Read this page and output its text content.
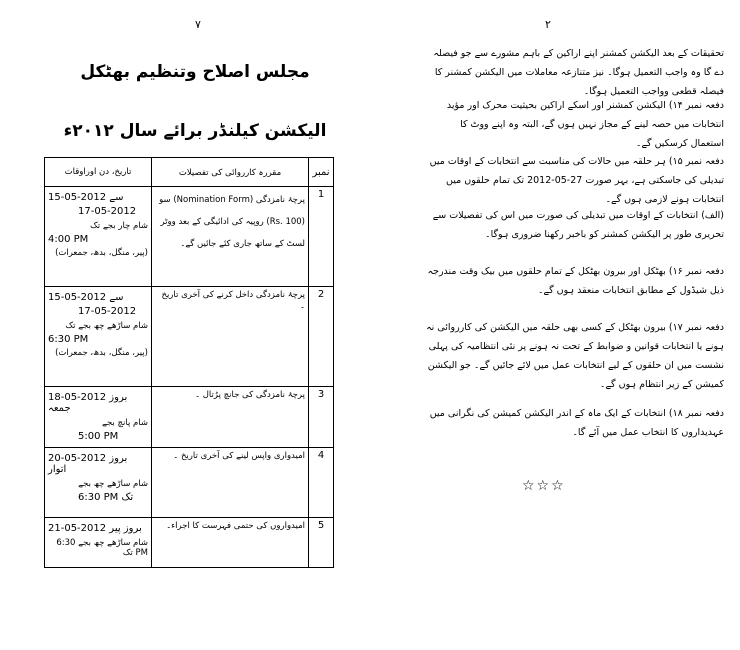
۷
مجلس اصلاح وتنظیم بھٹکل
الیکشن کیلنڈر برائے سال ۲۰۱۲ء
تاریخ، دن اوراوقات	مقررہ کارروائی کی تفصیلات	نمبر

15-05-2012 سے
17-05-2012
شام چار بجے تک
4:00 PM
(پیر، منگل، بدھ، جمعرات)	پرچۂ نامزدگی (Nomination Form) سو (Rs. 100) روپیہ کی ادائیگی کے بعد ووٹر لسٹ کے ساتھ جاری کئے جائیں گے۔	1

15-05-2012 سے
17-05-2012
شام ساڑھے چھ بجے تک
6:30 PM
(پیر، منگل، بدھ، جمعرات)	پرچۂ نامزدگی داخل کرنے کی آخری تاریخ ۔	2

18-05-2012 بروز جمعہ
شام پانچ بجے
5:00 PM	پرچۂ نامزدگی کی جانچ پڑتال ۔	3

20-05-2012 بروز اتوار
شام ساڑھے چھ بجے
6:30 PM تک	امیدواری واپس لینے کی آخری تاریخ ۔	4

21-05-2012 بروز پیر
شام ساڑھے چھ بجے 6:30 PM تک	امیدواروں کی حتمی فہرست کا اجراء۔	5
۲
تحقیقات کے بعد الیکشن کمشنر اپنے اراکین کے باہم مشورے سے جو فیصلہ دے گا وہ واجب التعمیل ہوگا۔ نیز متنازعہ معاملات میں الیکشن کمشنر کا فیصلہ قطعی وواجب التعمیل ہوگا۔
دفعہ نمبر ۱۴) الیکشن کمشنر اور اسکے اراکین بحیثیت محرک اور مؤید انتخابات میں حصہ لینے کے مجاز نہیں ہوں گے، البتہ وہ اپنے ووٹ کا استعمال کرسکیں گے۔
دفعہ نمبر ۱۵) ہر حلقہ میں حالات کی مناسبت سے انتخابات کے اوقات میں تبدیلی کی جاسکتی ہے، بہر صورت 27-05-2012 تک تمام حلقوں میں انتخابات ہونے لازمی ہوں گے۔
(الف) انتخابات کے اوقات میں تبدیلی کی صورت میں اس کی تفصیلات سے تحریری طور پر الیکشن کمشنر کو باخبر رکھنا ضروری ہوگا۔
دفعہ نمبر ۱۶) بھٹکل اور بیرون بھٹکل کے تمام حلقوں میں بیک وقت مندرجہ ذیل شیڈول کے مطابق انتخابات منعقد ہوں گے۔
دفعہ نمبر ۱۷) بیرون بھٹکل کے کسی بھی حلقہ میں الیکشن کی کارروائی نہ ہونے یا انتخابات قوانین و ضوابط کے تحت نہ ہونے پر نئی انتظامیہ کی پہلی نشست میں ان حلقوں کے لیے انتخابات عمل میں لائے جائیں گے۔ جو الیکشن کمیشن کے زیر انتظام ہوں گے۔
دفعہ نمبر ۱۸) انتخابات کے ایک ماہ کے اندر الیکشن کمیشن کی نگرانی میں عہدیداروں کا انتخاب عمل میں آئے گا۔
☆☆☆
